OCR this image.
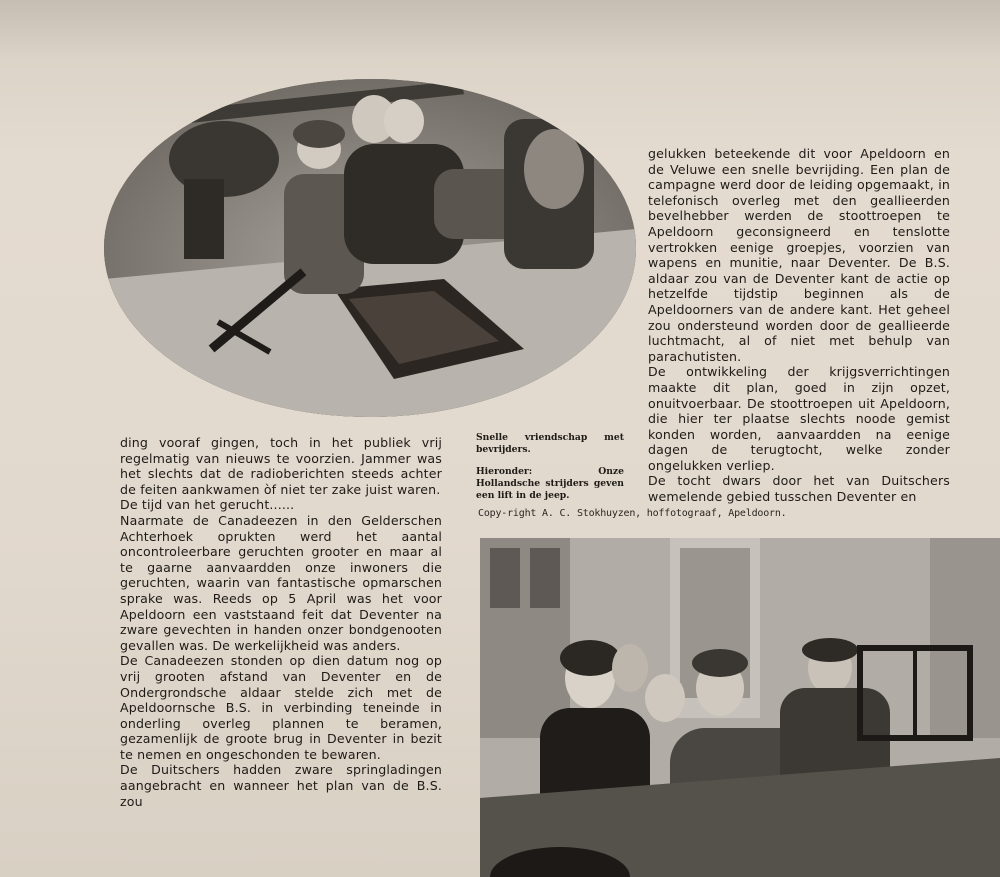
gelukken beteekende dit voor Apeldoorn en de Veluwe een snelle bevrijding. Een plan de campagne werd door de leiding opgemaakt, in telefonisch overleg met den geallieerden bevelhebber werden de stoottroepen te Apeldoorn geconsigneerd en tenslotte vertrokken eenige groepjes, voorzien van wapens en munitie, naar Deventer. De B.S. aldaar zou van de Deventer kant de actie op hetzelfde tijdstip beginnen als de Apeldoorners van de andere kant. Het geheel zou ondersteund worden door de geallieerde luchtmacht, al of niet met behulp van parachutisten.

De ontwikkeling der krijgsverrichtingen maakte dit plan, goed in zijn opzet, onuitvoerbaar. De stoottroepen uit Apeldoorn, die hier ter plaatse slechts noode gemist konden worden, aanvaardden na eenige dagen de terugtocht, welke zonder ongelukken verliep.

De tocht dwars door het van Duitschers wemelende gebied tusschen Deventer en

ding vooraf gingen, toch in het publiek vrij regelmatig van nieuws te voorzien. Jammer was het slechts dat de radioberichten steeds achter de feiten aankwamen òf niet ter zake juist waren.

De tijd van het gerucht......

Naarmate de Canadeezen in den Gelderschen Achterhoek oprukten werd het aantal oncontroleerbare geruchten grooter en maar al te gaarne aanvaardden onze inwoners die geruchten, waarin van fantastische opmarschen sprake was. Reeds op 5 April was het voor Apeldoorn een vaststaand feit dat Deventer na zware gevechten in handen onzer bondgenooten gevallen was. De werkelijkheid was anders.

De Canadeezen stonden op dien datum nog op vrij grooten afstand van Deventer en de Ondergrondsche aldaar stelde zich met de Apeldoornsche B.S. in verbinding teneinde in onderling overleg plannen te beramen, gezamenlijk de groote brug in Deventer in bezit te nemen en ongeschonden te bewaren.

De Duitschers hadden zware springladingen aangebracht en wanneer het plan van de B.S. zou

Snelle vriendschap met bevrijders.

Hieronder: Onze Hollandsche strijders geven een lift in de jeep.

Copy-right A. C. Stokhuyzen, hoffotograaf, Apeldoorn.
